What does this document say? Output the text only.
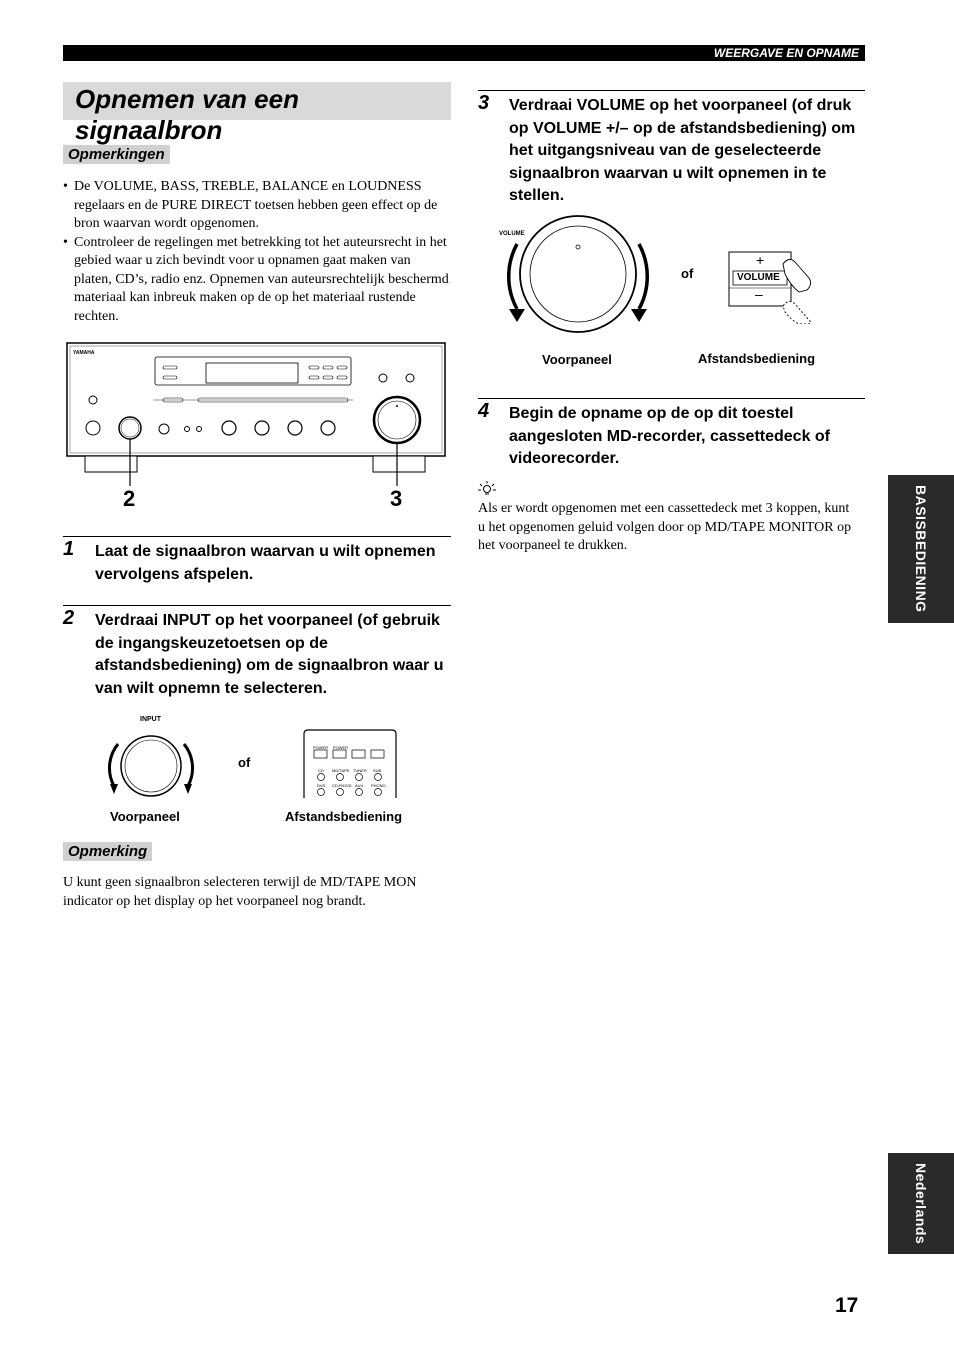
WEERGAVE EN OPNAME
Opnemen van een signaalbron
Opmerkingen
• De VOLUME, BASS, TREBLE, BALANCE en LOUDNESS regelaars en de PURE DIRECT toetsen hebben geen effect op de bron waarvan wordt opgenomen.
• Controleer de regelingen met betrekking tot het auteursrecht in het gebied waar u zich bevindt voor u opnamen gaat maken van platen, CD’s, radio enz. Opnemen van auteursrechtelijk beschermd materiaal kan inbreuk maken op de op het materiaal rustende rechten.
YAMAHA
2	3
1 Laat de signaalbron waarvan u wilt opnemen vervolgens afspelen.
2 Verdraai INPUT op het voorpaneel (of gebruik de ingangskeuzetoetsen op de afstandsbediening) om de signaalbron waar u van wilt opnemn te selecteren.
INPUT
of
POWER POWER
CD MD/TAPE TUNER SUB
DVD CD-R/DVD AUX PHONO
Voorpaneel	Afstandsbediening
Opmerking
U kunt geen signaalbron selecteren terwijl de MD/TAPE MON indicator op het display op het voorpaneel nog brandt.
3 Verdraai VOLUME op het voorpaneel (of druk op VOLUME +/– op de afstandsbediening) om het uitgangsniveau van de geselecteerde signaalbron waarvan u wilt opnemen in te stellen.
VOLUME
of
+
VOLUME
–
Voorpaneel	Afstandsbediening
4 Begin de opname op de op dit toestel aangesloten MD-recorder, cassettedeck of videorecorder.
Als er wordt opgenomen met een cassettedeck met 3 koppen, kunt u het opgenomen geluid volgen door op MD/TAPE MONITOR op het voorpaneel te drukken.	BASISBEDIENING
Nederlands
17
